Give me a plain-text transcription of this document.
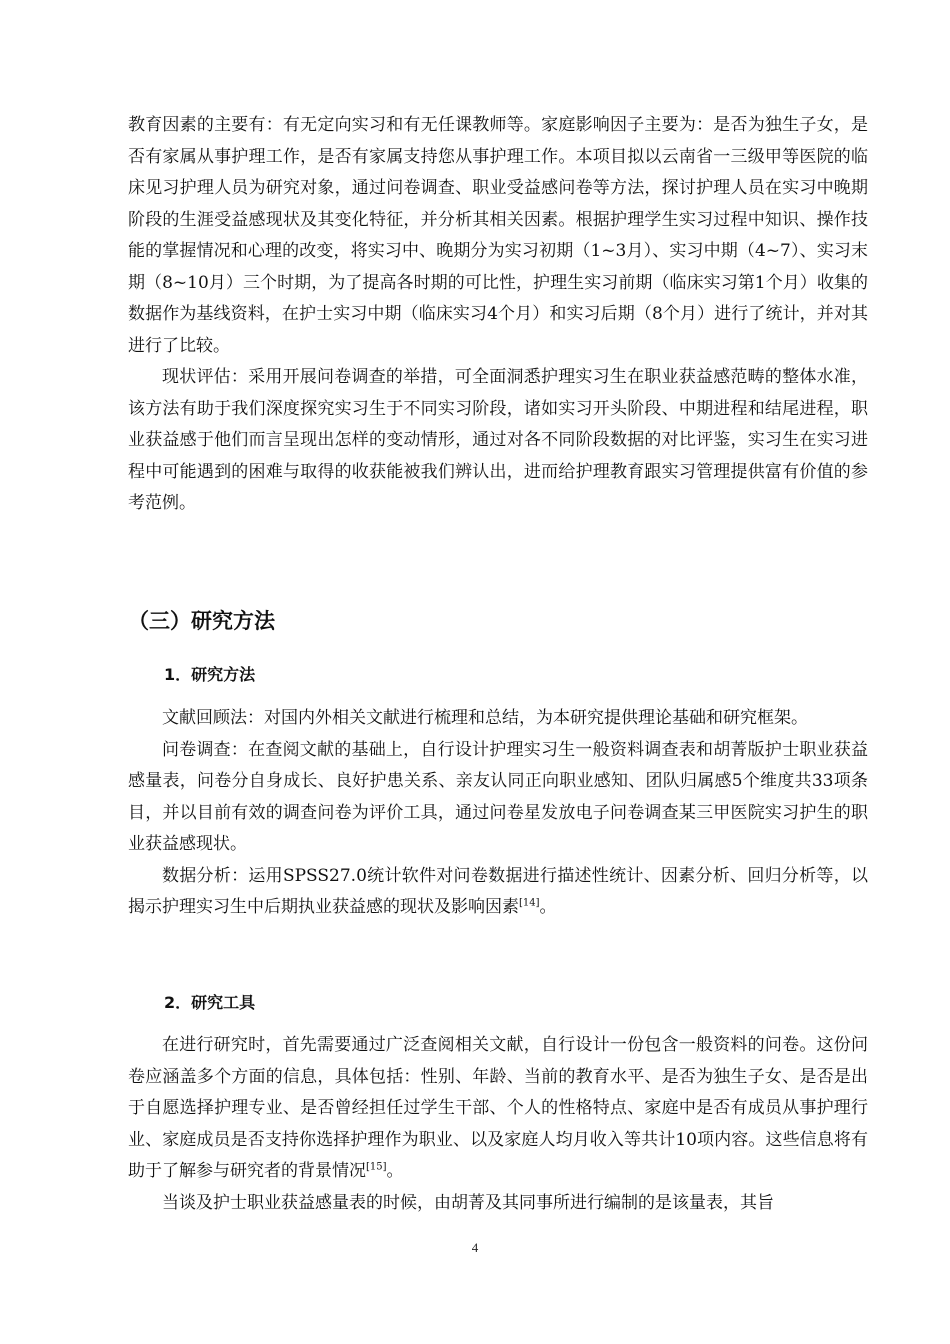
教育因素的主要有：有无定向实习和有无任课教师等。家庭影响因子主要为：是否为独生子女，是否有家属从事护理工作，是否有家属支持您从事护理工作。本项目拟以云南省一三级甲等医院的临床见习护理人员为研究对象，通过问卷调查、职业受益感问卷等方法，探讨护理人员在实习中晚期阶段的生涯受益感现状及其变化特征，并分析其相关因素。根据护理学生实习过程中知识、操作技能的掌握情况和心理的改变，将实习中、晚期分为实习初期（1~3月）、实习中期（4~7）、实习末期（8~10月）三个时期，为了提高各时期的可比性，护理生实习前期（临床实习第1个月）收集的数据作为基线资料，在护士实习中期（临床实习4个月）和实习后期（8个月）进行了统计，并对其进行了比较。

现状评估：采用开展问卷调查的举措，可全面洞悉护理实习生在职业获益感范畴的整体水准，该方法有助于我们深度探究实习生于不同实习阶段，诸如实习开头阶段、中期进程和结尾进程，职业获益感于他们而言呈现出怎样的变动情形，通过对各不同阶段数据的对比评鉴，实习生在实习进程中可能遇到的困难与取得的收获能被我们辨认出，进而给护理教育跟实习管理提供富有价值的参考范例。

（三）研究方法
1．研究方法

文献回顾法：对国内外相关文献进行梳理和总结，为本研究提供理论基础和研究框架。

问卷调查：在查阅文献的基础上，自行设计护理实习生一般资料调查表和胡菁版护士职业获益感量表，问卷分自身成长、良好护患关系、亲友认同正向职业感知、团队归属感5个维度共33项条目，并以目前有效的调查问卷为评价工具，通过问卷星发放电子问卷调查某三甲医院实习护生的职业获益感现状。

数据分析：运用SPSS27.0统计软件对问卷数据进行描述性统计、因素分析、回归分析等，以揭示护理实习生中后期执业获益感的现状及影响因素[14]。

2．研究工具

在进行研究时，首先需要通过广泛查阅相关文献，自行设计一份包含一般资料的问卷。这份问卷应涵盖多个方面的信息，具体包括：性别、年龄、当前的教育水平、是否为独生子女、是否是出于自愿选择护理专业、是否曾经担任过学生干部、个人的性格特点、家庭中是否有成员从事护理行业、家庭成员是否支持你选择护理作为职业、以及家庭人均月收入等共计10项内容。这些信息将有助于了解参与研究者的背景情况[15]。

当谈及护士职业获益感量表的时候，由胡菁及其同事所进行编制的是该量表，其旨

4
